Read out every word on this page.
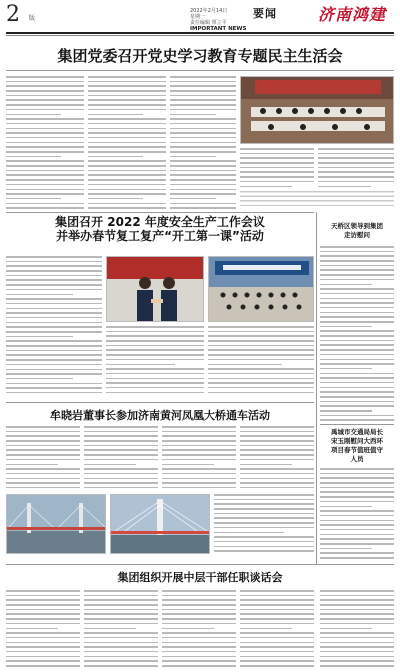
2 版
2022年2月14日
星期一
责任编辑 覃立平
IMPORTANT NEWS
要闻	济南鸿建
集团党委召开党史学习教育专题民主生活会
集团召开 2022 年度安全生产工作会议
并举办春节复工复产“开工第一课”活动
牟晓岩董事长参加济南黄河凤凰大桥通车活动
集团组织开展中层干部任职谈话会
天桥区领导到集团
走访慰问
禹城市交通局局长
宋玉刚慰问大西环
项目春节值班值守
人员
